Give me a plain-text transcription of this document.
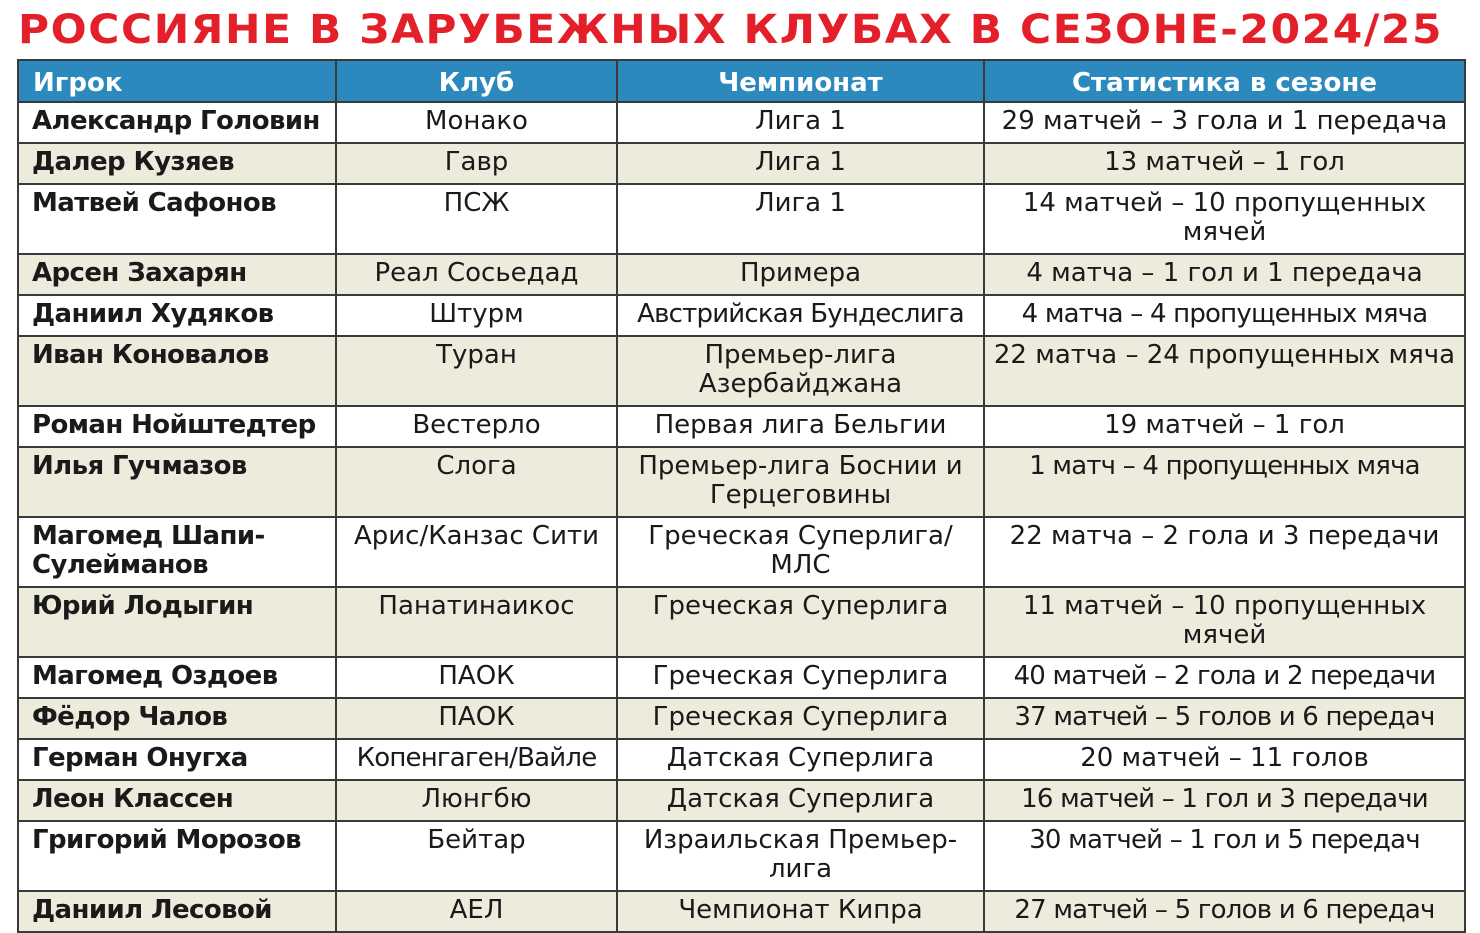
РОССИЯНЕ В ЗАРУБЕЖНЫХ КЛУБАХ В СЕЗОНЕ-2024/25
Игрок	Клуб	Чемпионат	Статистика в сезоне
Александр Головин	Монако	Лига 1	29 матчей – 3 гола и 1 передача
Далер Кузяев	Гавр	Лига 1	13 матчей – 1 гол
Матвей Сафонов	ПСЖ	Лига 1	14 матчей – 10 пропущенных мячей
Арсен Захарян	Реал Сосьедад	Примера	4 матча – 1 гол и 1 передача
Даниил Худяков	Штурм	Австрийская Бундеслига	4 матча – 4 пропущенных мяча
Иван Коновалов	Туран	Премьер-лига Азербайджана	22 матча – 24 пропущенных мяча
Роман Нойштедтер	Вестерло	Первая лига Бельгии	19 матчей – 1 гол
Илья Гучмазов	Слога	Премьер-лига Боснии и Герцеговины	1 матч – 4 пропущенных мяча
Магомед Шапи-Сулейманов	Арис/Канзас Сити	Греческая Суперлига/МЛС	22 матча – 2 гола и 3 передачи
Юрий Лодыгин	Панатинаикос	Греческая Суперлига	11 матчей – 10 пропущенных мячей
Магомед Оздоев	ПАОК	Греческая Суперлига	40 матчей – 2 гола и 2 передачи
Фёдор Чалов	ПАОК	Греческая Суперлига	37 матчей – 5 голов и 6 передач
Герман Онугха	Копенгаген/Вайле	Датская Суперлига	20 матчей – 11 голов
Леон Классен	Люнгбю	Датская Суперлига	16 матчей – 1 гол и 3 передачи
Григорий Морозов	Бейтар	Израильская Премьер-лига	30 матчей – 1 гол и 5 передач
Даниил Лесовой	АЕЛ	Чемпионат Кипра	27 матчей – 5 голов и 6 передач
